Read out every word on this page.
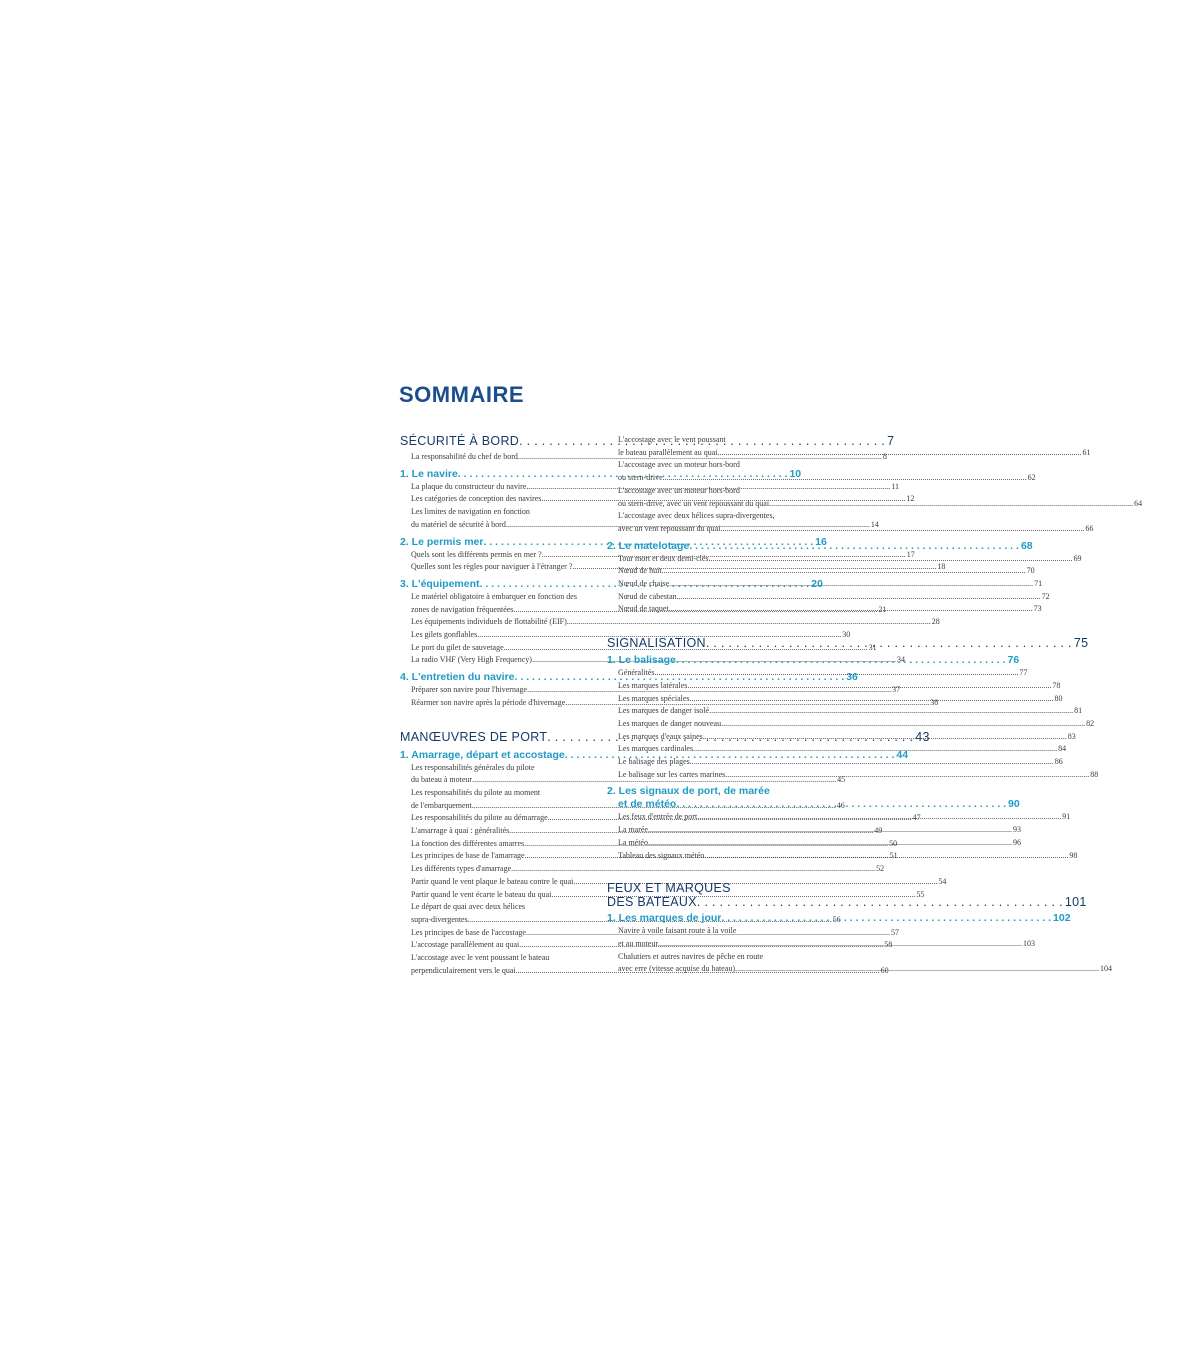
SOMMAIRE
SÉCURITÉ À BORD . . .	7
La responsabilité du chef de bord .....	8
1. Le navire . . .	10
La plaque du constructeur du navire .....	11
Les catégories de conception des navires .....	12
Les limites de navigation en fonction
du matériel de sécurité à bord .....	14
2. Le permis mer . . .	16
Quels sont les différents permis en mer ? .....	17
Quelles sont les règles pour naviguer à l'étranger ? .....	18
3. L'équipement . . .	20
Le matériel obligatoire à embarquer en fonction des
zones de navigation fréquentées .....	21
Les équipements individuels de flottabilité (EIF) .....	28
Les gilets gonflables .....	30
Le port du gilet de sauvetage .....	31
La radio VHF (Very High Frequency) .....	34
4. L'entretien du navire . . .	36
Préparer son navire pour l'hivernage .....	37
Réarmer son navire après la période d'hivernage .....	38
MANŒUVRES DE PORT . . .	43
1. Amarrage, départ et accostage . . .	44
Les responsabilités générales du pilote
du bateau à moteur .....	45
Les responsabilités du pilote au moment
de l'embarquement .....	46
Les responsabilités du pilote au démarrage .....	47
L'amarrage à quai : généralités .....	49
La fonction des différentes amarres .....	50
Les principes de base de l'amarrage .....	51
Les différents types d'amarrage .....	52
Partir quand le vent plaque le bateau contre le quai .....	54
Partir quand le vent écarte le bateau du quai .....	55
Le départ de quai avec deux hélices
supra-divergentes .....	56
Les principes de base de l'accostage .....	57
L'accostage parallèlement au quai .....	58
L'accostage avec le vent poussant le bateau
perpendiculairement vers le quai .....	60
L'accostage avec le vent poussant
le bateau parallèlement au quai .....	61
L'accostage avec un moteur hors-bord
ou stern-drive .....	62
L'accostage avec un moteur hors-bord
ou stern-drive, avec un vent repoussant du quai .....	64
L'accostage avec deux hélices supra-divergentes,
avec un vent repoussant du quai .....	66
2. Le matelotage . . .	68
Tour mort et deux demi-clés .....	69
Nœud de huit .....	70
Nœud de chaise .....	71
Nœud de cabestan .....	72
Nœud de taquet .....	73
SIGNALISATION . . .	75
1. Le balisage . . .	76
Généralités .....	77
Les marques latérales .....	78
Les marques spéciales .....	80
Les marques de danger isolé .....	81
Les marques de danger nouveau .....	82
Les marques d'eaux saines .....	83
Les marques cardinales .....	84
Le balisage des plages .....	86
Le balisage sur les cartes marines .....	88
2. Les signaux de port, de marée
et de météo . . .	90
Les feux d'entrée de port .....	91
La marée .....	93
La météo .....	96
Tableau des signaux météo .....	98
FEUX ET MARQUES
DES BATEAUX . . .	101
1. Les marques de jour . . .	102
Navire à voile faisant route à la voile
et au moteur .....	103
Chalutiers et autres navires de pêche en route
avec erre (vitesse acquise du bateau) .....	104
